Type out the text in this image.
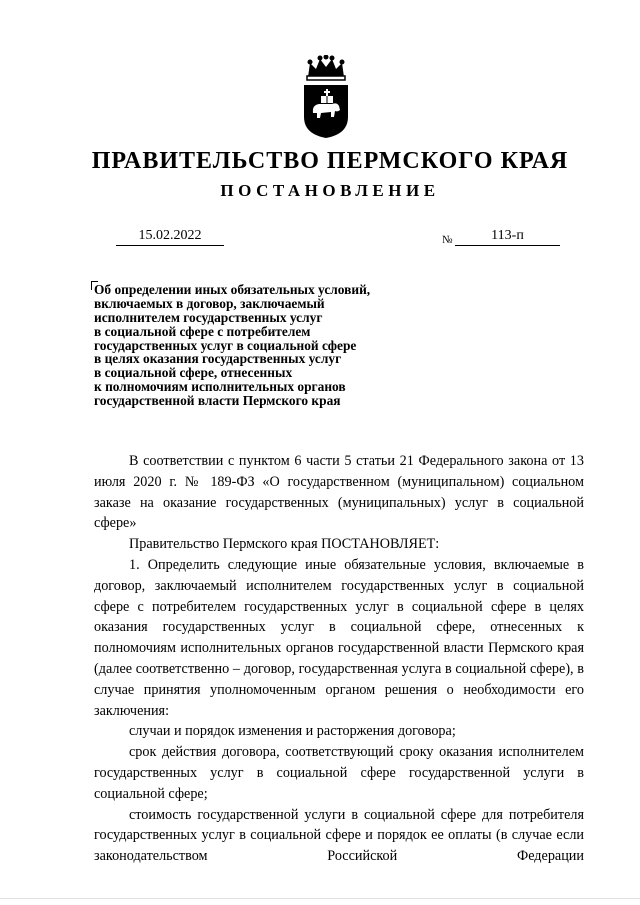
ПРАВИТЕЛЬСТВО ПЕРМСКОГО КРАЯ
ПОСТАНОВЛЕНИЕ
15.02.2022	№	113-п
Об определении иных обязательных условий,
включаемых в договор, заключаемый
исполнителем государственных услуг
в социальной сфере с потребителем
государственных услуг в социальной сфере
в целях оказания государственных услуг
в социальной сфере, отнесенных
к полномочиям исполнительных органов
государственной власти Пермского края
В соответствии с пунктом 6 части 5 статьи 21 Федерального закона от 13 июля 2020 г. № 189-ФЗ «О государственном (муниципальном) социальном заказе на оказание государственных (муниципальных) услуг в социальной сфере»
Правительство Пермского края ПОСТАНОВЛЯЕТ:
1. Определить следующие иные обязательные условия, включаемые в договор, заключаемый исполнителем государственных услуг в социальной сфере с потребителем государственных услуг в социальной сфере в целях оказания государственных услуг в социальной сфере, отнесенных к полномочиям исполнительных органов государственной власти Пермского края (далее соответственно – договор, государственная услуга в социальной сфере), в случае принятия уполномоченным органом решения о необходимости его заключения:
случаи и порядок изменения и расторжения договора;
срок действия договора, соответствующий сроку оказания исполнителем государственных услуг в социальной сфере государственной услуги в социальной сфере;
стоимость государственной услуги в социальной сфере для потребителя государственных услуг в социальной сфере и порядок ее оплаты (в случае если законодательством Российской Федерации
